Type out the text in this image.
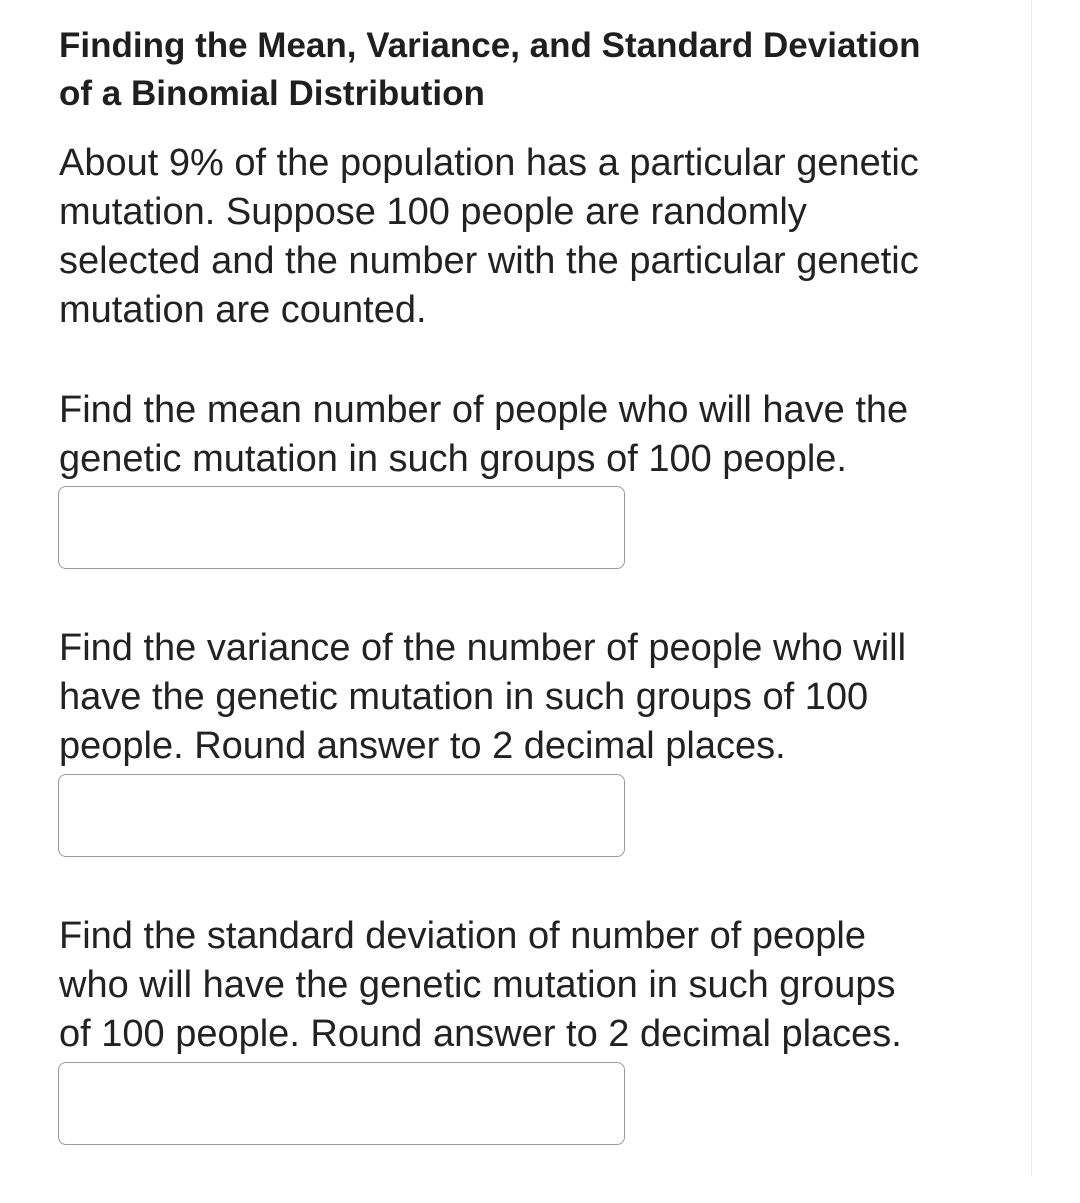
Finding the Mean, Variance, and Standard Deviation
of a Binomial Distribution

About 9% of the population has a particular genetic
mutation. Suppose 100 people are randomly
selected and the number with the particular genetic
mutation are counted.

Find the mean number of people who will have the
genetic mutation in such groups of 100 people.

Find the variance of the number of people who will
have the genetic mutation in such groups of 100
people. Round answer to 2 decimal places.

Find the standard deviation of number of people
who will have the genetic mutation in such groups
of 100 people. Round answer to 2 decimal places.
